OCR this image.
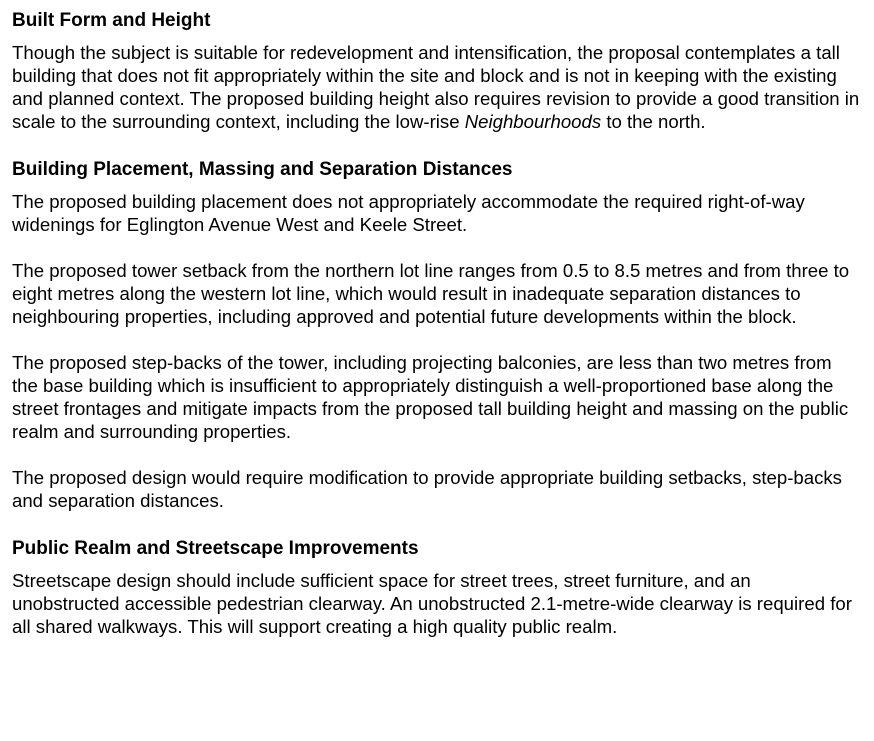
Built Form and Height

Though the subject is suitable for redevelopment and intensification, the proposal contemplates a tall building that does not fit appropriately within the site and block and is not in keeping with the existing and planned context. The proposed building height also requires revision to provide a good transition in scale to the surrounding context, including the low-rise Neighbourhoods to the north.

Building Placement, Massing and Separation Distances

The proposed building placement does not appropriately accommodate the required right-of-way widenings for Eglington Avenue West and Keele Street.

The proposed tower setback from the northern lot line ranges from 0.5 to 8.5 metres and from three to eight metres along the western lot line, which would result in inadequate separation distances to neighbouring properties, including approved and potential future developments within the block.

The proposed step-backs of the tower, including projecting balconies, are less than two metres from the base building which is insufficient to appropriately distinguish a well-proportioned base along the street frontages and mitigate impacts from the proposed tall building height and massing on the public realm and surrounding properties.

The proposed design would require modification to provide appropriate building setbacks, step-backs and separation distances.

Public Realm and Streetscape Improvements

Streetscape design should include sufficient space for street trees, street furniture, and an unobstructed accessible pedestrian clearway. An unobstructed 2.1-metre-wide clearway is required for all shared walkways. This will support creating a high quality public realm.
